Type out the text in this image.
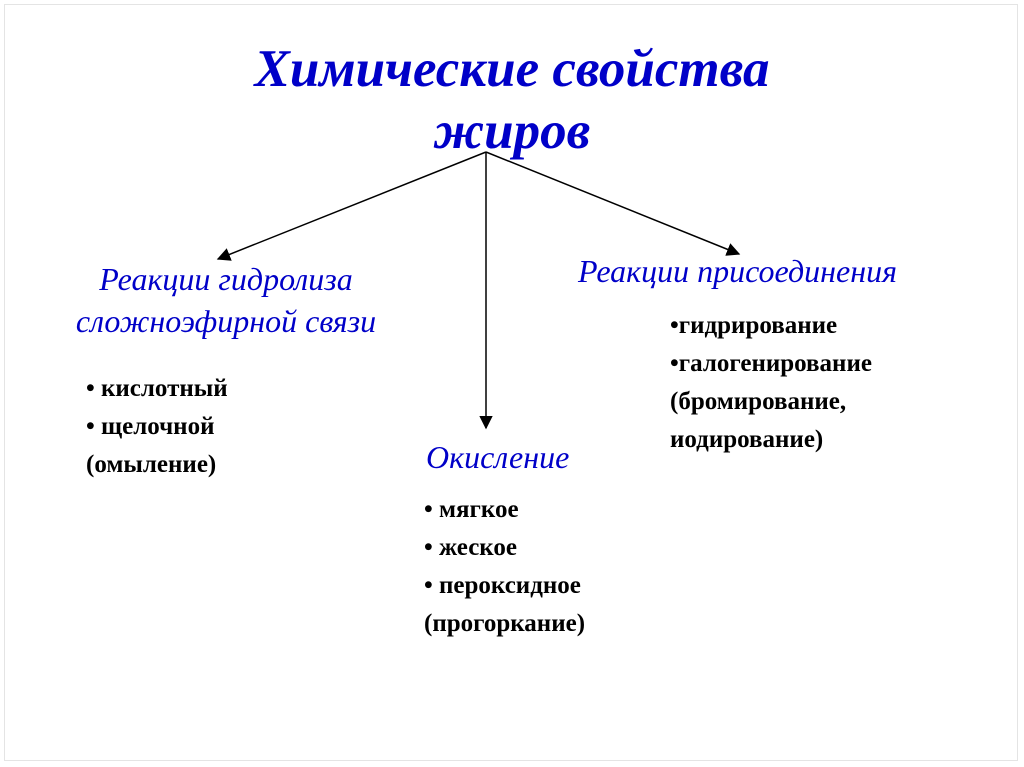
Химические свойства
жиров
Реакции гидролиза
сложноэфирной связи
• кислотный
• щелочной
(омыление)
Реакции присоединения
•гидрирование
•галогенирование
(бромирование,
иодирование)
Окисление
• мягкое
• жеское
• пероксидное
(прогоркание)
